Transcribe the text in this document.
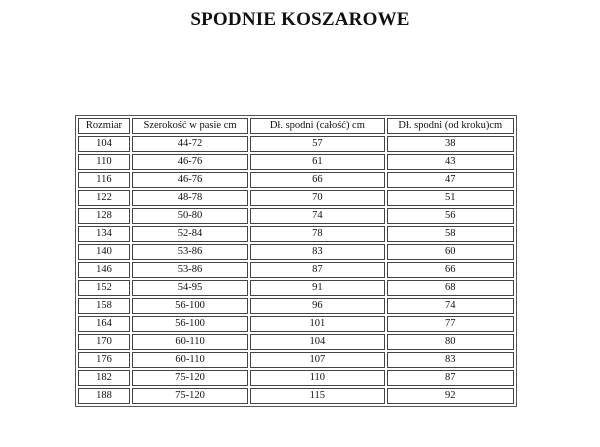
SPODNIE KOSZAROWE
Rozmiar	Szerokość w pasie cm	Dł. spodni (całość) cm	Dł. spodni (od kroku)cm
104	44-72	57	38
110	46-76	61	43
116	46-76	66	47
122	48-78	70	51
128	50-80	74	56
134	52-84	78	58
140	53-86	83	60
146	53-86	87	66
152	54-95	91	68
158	56-100	96	74
164	56-100	101	77
170	60-110	104	80
176	60-110	107	83
182	75-120	110	87
188	75-120	115	92
